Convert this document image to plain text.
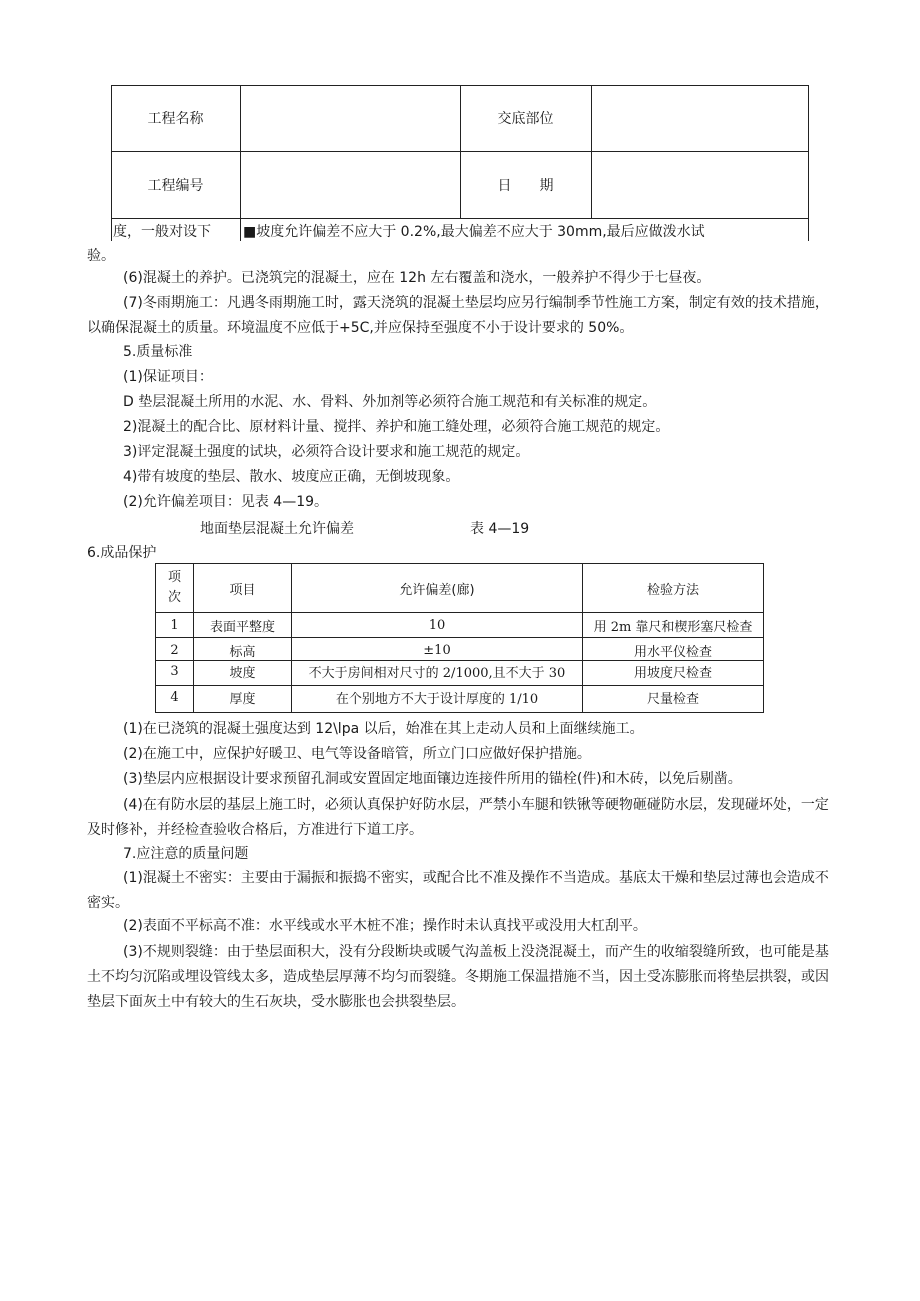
工程名称	交底部位
工程编号	日　　期
度，一般对设下 ■坡度允许偏差不应大于 0.2%,最大偏差不应大于 30mm,最后应做泼水试
验。
(6)混凝土的养护。已浇筑完的混凝土，应在 12h 左右覆盖和浇水，一般养护不得少于七昼夜。
(7)冬雨期施工：凡遇冬雨期施工时，露天浇筑的混凝土垫层均应另行编制季节性施工方案，制定有效的技术措施，以确保混凝土的质量。环境温度不应低于+5C,并应保持至强度不小于设计要求的 50%。
5.质量标准
(1)保证项目：
D 垫层混凝土所用的水泥、水、骨料、外加剂等必须符合施工规范和有关标准的规定。
2)混凝土的配合比、原材料计量、搅拌、养护和施工缝处理，必须符合施工规范的规定。
3)评定混凝土强度的试块，必须符合设计要求和施工规范的规定。
4)带有坡度的垫层、散水、坡度应正确，无倒坡现象。
(2)允许偏差项目：见表 4—19。
地面垫层混凝土允许偏差	表 4—19
6.成品保护
项
次	项目	允许偏差(廊)	检验方法
1	表面平整度	10	用 2m 靠尺和楔形塞尺检查
2	标高	±10	用水平仪检查
3	坡度	不大于房间相对尺寸的 2/1000,且不大于 30	用坡度尺检查
4	厚度	在个别地方不大于设计厚度的 1/10	尺量检查
(1)在已浇筑的混凝土强度达到 12\lpa 以后，始准在其上走动人员和上面继续施工。
(2)在施工中，应保护好暖卫、电气等设备暗管，所立门口应做好保护措施。
(3)垫层内应根据设计要求预留孔洞或安置固定地面镶边连接件所用的锚栓(件)和木砖，以免后剔凿。
(4)在有防水层的基层上施工时，必须认真保护好防水层，严禁小车腿和铁锹等硬物砸碰防水层，发现碰坏处，一定及时修补，并经检查验收合格后，方准进行下道工序。
7.应注意的质量问题
(1)混凝土不密实：主要由于漏振和振捣不密实，或配合比不准及操作不当造成。基底太干燥和垫层过薄也会造成不密实。
(2)表面不平标高不准：水平线或水平木桩不准；操作时未认真找平或没用大杠刮平。
(3)不规则裂缝：由于垫层面积大，没有分段断块或暖气沟盖板上没浇混凝土，而产生的收缩裂缝所致，也可能是基土不均匀沉陷或埋设管线太多，造成垫层厚薄不均匀而裂缝。冬期施工保温措施不当，因土受冻膨胀而将垫层拱裂，或因垫层下面灰土中有较大的生石灰块，受水膨胀也会拱裂垫层。
